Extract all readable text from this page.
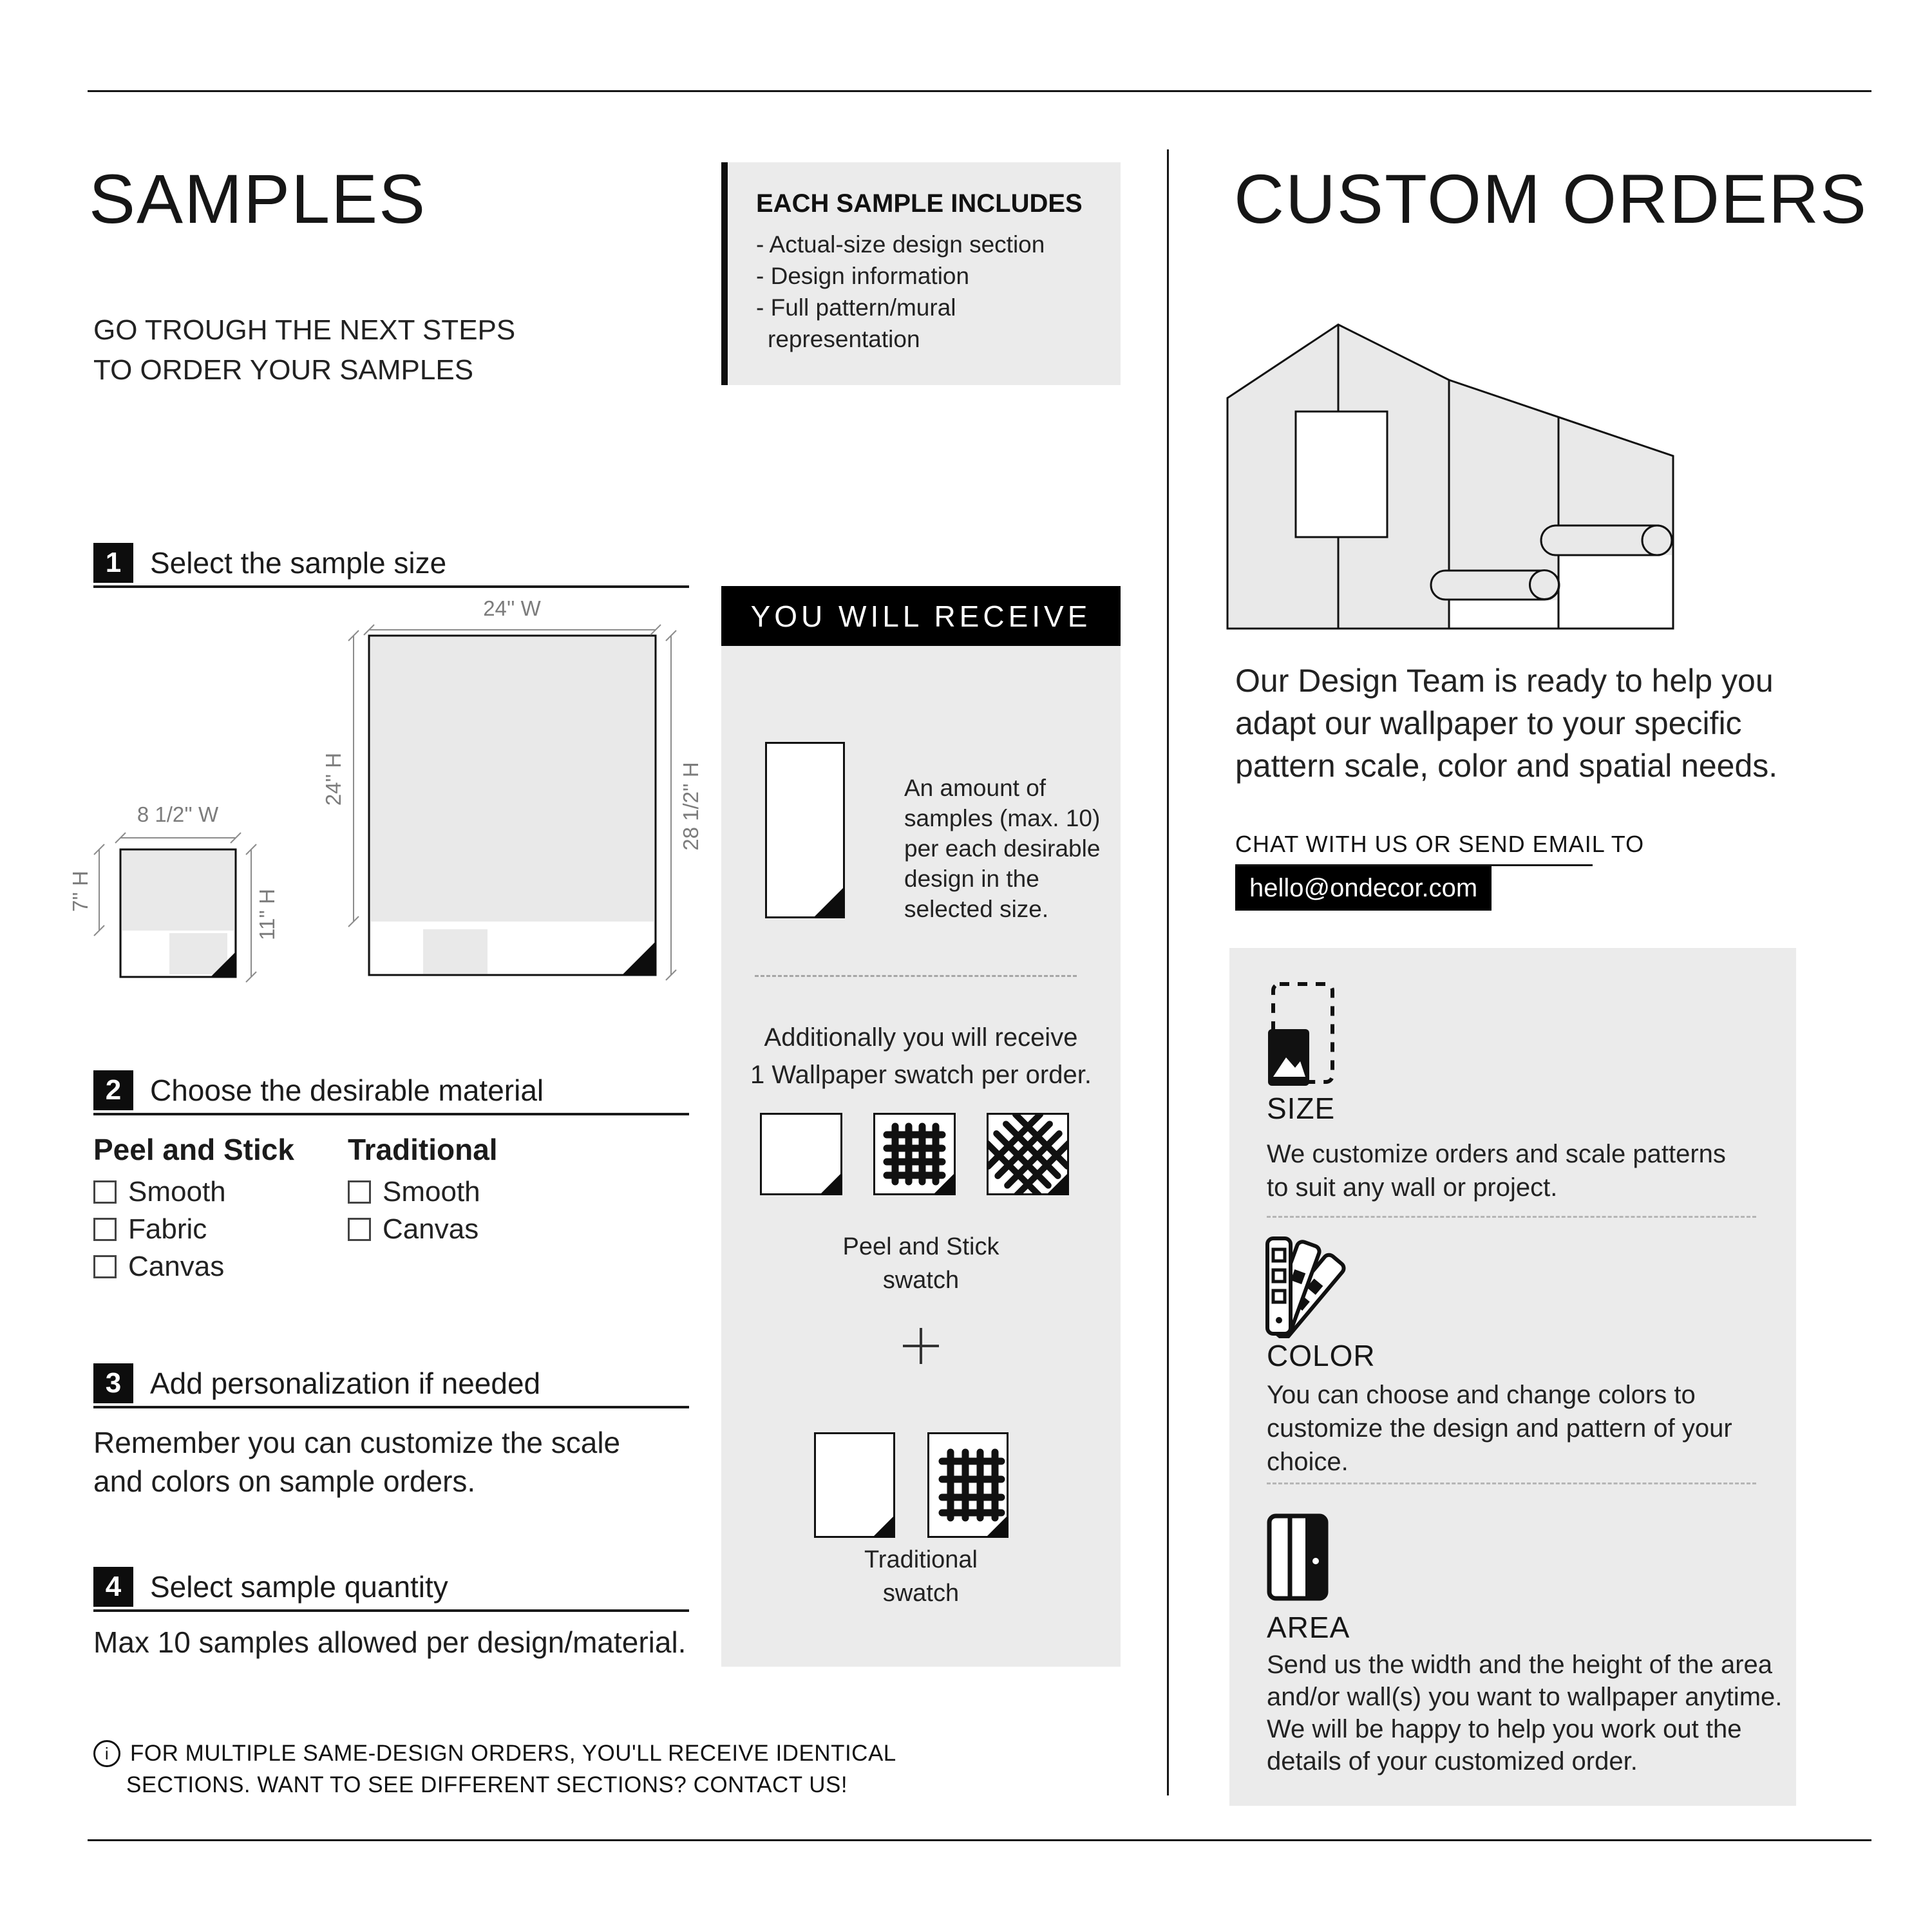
SAMPLES
GO TROUGH THE NEXT STEPS
TO ORDER YOUR SAMPLES
1 Select the sample size
24'' W
8 1/2'' W
7'' H	11'' H
24'' H	28 1/2'' H
2 Choose the desirable material
Peel and Stick Traditional
Smooth
Fabric
Canvas
Smooth
Canvas
3 Add personalization if needed
Remember you can customize the scale
and colors on sample orders.
4 Select sample quantity
Max 10 samples allowed per design/material.
i FOR MULTIPLE SAME-DESIGN ORDERS, YOU'LL RECEIVE IDENTICAL
SECTIONS. WANT TO SEE DIFFERENT SECTIONS? CONTACT US!
EACH SAMPLE INCLUDES
- Actual-size design section
- Design information
- Full pattern/mural
representation
YOU WILL RECEIVE
An amount of
samples (max. 10)
per each desirable
design in the
selected size.
Additionally you will receive
1 Wallpaper swatch per order.
Peel and Stick
swatch
Traditional
swatch
CUSTOM ORDERS
Our Design Team is ready to help you
adapt our wallpaper to your specific
pattern scale, color and spatial needs.
CHAT WITH US OR SEND EMAIL TO
hello@ondecor.com
SIZE
We customize orders and scale patterns
to suit any wall or project.
COLOR
You can choose and change colors to
customize the design and pattern of your
choice.
AREA
Send us the width and the height of the area
and/or wall(s) you want to wallpaper anytime.
We will be happy to help you work out the
details of your customized order.
